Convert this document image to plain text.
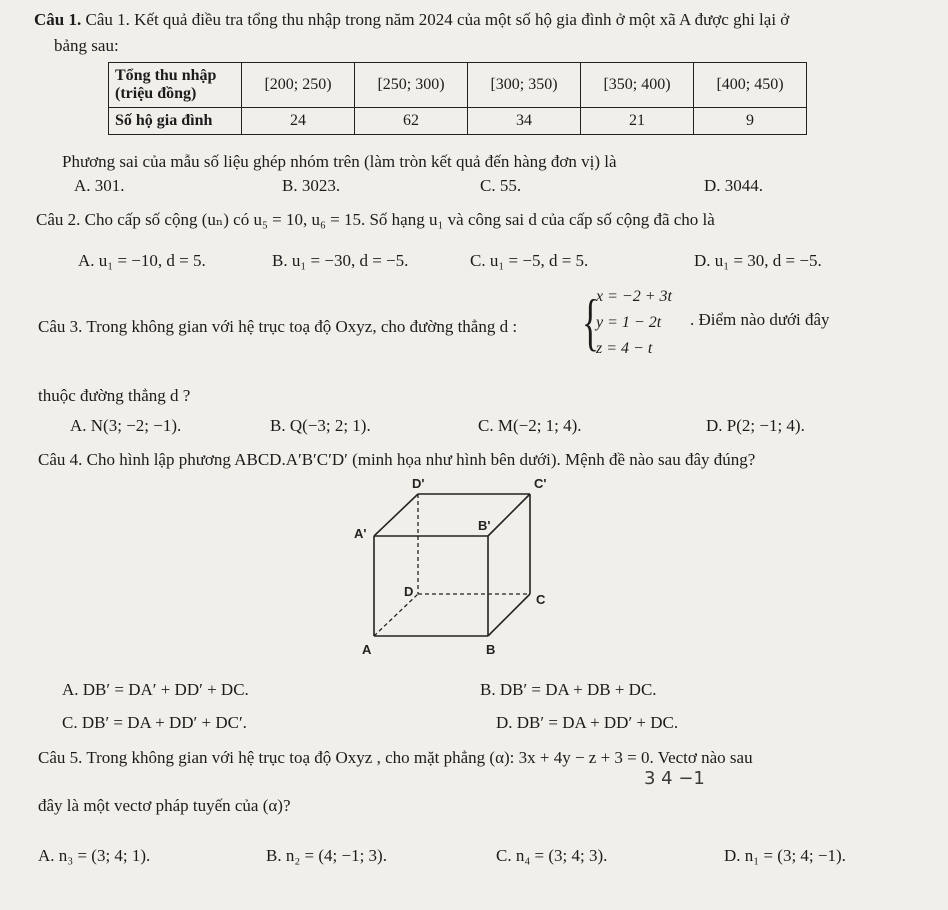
Câu 1. Câu 1. Kết quả điều tra tổng thu nhập trong năm 2024 của một số hộ gia đình ở một xã A được ghi lại ở
bảng sau:
Tổng thu nhập (triệu đồng)	[200; 250)	[250; 300)	[300; 350)	[350; 400)	[400; 450)
Số hộ gia đình	24	62	34	21	9
Phương sai của mẫu số liệu ghép nhóm trên (làm tròn kết quả đến hàng đơn vị) là
A. 301.	B. 3023.	C. 55.	D. 3044.
Câu 2. Cho cấp số cộng (uₙ) có u₅ = 10, u₆ = 15. Số hạng u₁ và công sai d của cấp số cộng đã cho là
A. u₁ = −10, d = 5.	B. u₁ = −30, d = −5.	C. u₁ = −5, d = 5.	D. u₁ = 30, d = −5.
Câu 3. Trong không gian với hệ trục toạ độ Oxyz, cho đường thẳng d : {
x = −2 + 3t
y = 1 − 2t
z = 4 − t
. Điểm nào dưới đây
thuộc đường thẳng d ?
A. N(3; −2; −1).	B. Q(−3; 2; 1).	C. M(−2; 1; 4).	D. P(2; −1; 4).
Câu 4. Cho hình lập phương ABCD.A′B′C′D′ (minh họa như hình bên dưới). Mệnh đề nào sau đây đúng?
D'	C'
A'
B'
D
C
A	B
A. DB′ = DA′ + DD′ + DC.	B. DB′ = DA + DB + DC.
C. DB′ = DA + DD′ + DC′.	D. DB′ = DA + DD′ + DC.
Câu 5. Trong không gian với hệ trục toạ độ Oxyz , cho mặt phẳng (α): 3x + 4y − z + 3 = 0. Vectơ nào sau
3 4 −1
đây là một vectơ pháp tuyến của (α)?
A. n₃ = (3; 4; 1).	B. n₂ = (4; −1; 3).	C. n₄ = (3; 4; 3).	D. n₁ = (3; 4; −1).
